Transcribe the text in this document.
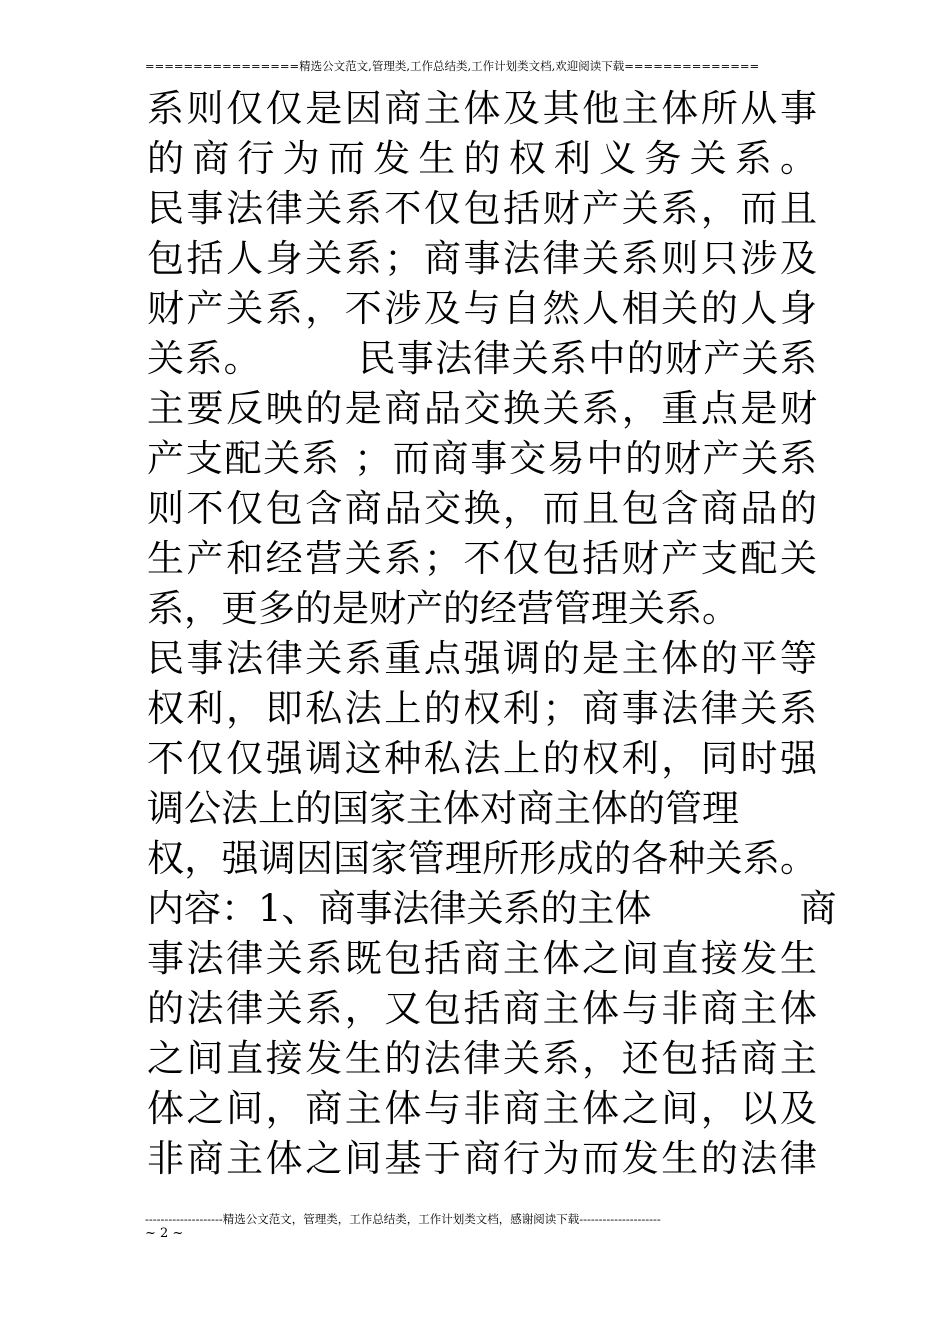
================精选公文范文,管理类,工作总结类,工作计划类文档,欢迎阅读下载==============
系则仅仅是因商主体及其他主体所从事
的商行为而发生的权利义务关系。
民事法律关系不仅包括财产关系，而且
包括人身关系；商事法律关系则只涉及
财产关系，不涉及与自然人相关的人身
关系。　　　民事法律关系中的财产关系
主要反映的是商品交换关系，重点是财
产支配关系 ；而商事交易中的财产关系
则不仅包含商品交换，而且包含商品的
生产和经营关系；不仅包括财产支配关
系，更多的是财产的经营管理关系。
民事法律关系重点强调的是主体的平等
权利，即私法上的权利；商事法律关系
不仅仅强调这种私法上的权利，同时强
调公法上的国家主体对商主体的管理
权，强调因国家管理所形成的各种关系。
内容：1、商事法律关系的主体　　　　商
事法律关系既包括商主体之间直接发生
的法律关系，又包括商主体与非商主体
之间直接发生的法律关系，还包括商主
体之间，商主体与非商主体之间，以及
非商主体之间基于商行为而发生的法律
--------------------精选公文范文，管理类，工作总结类，工作计划类文档，感谢阅读下载---------------------
~ 2 ~
